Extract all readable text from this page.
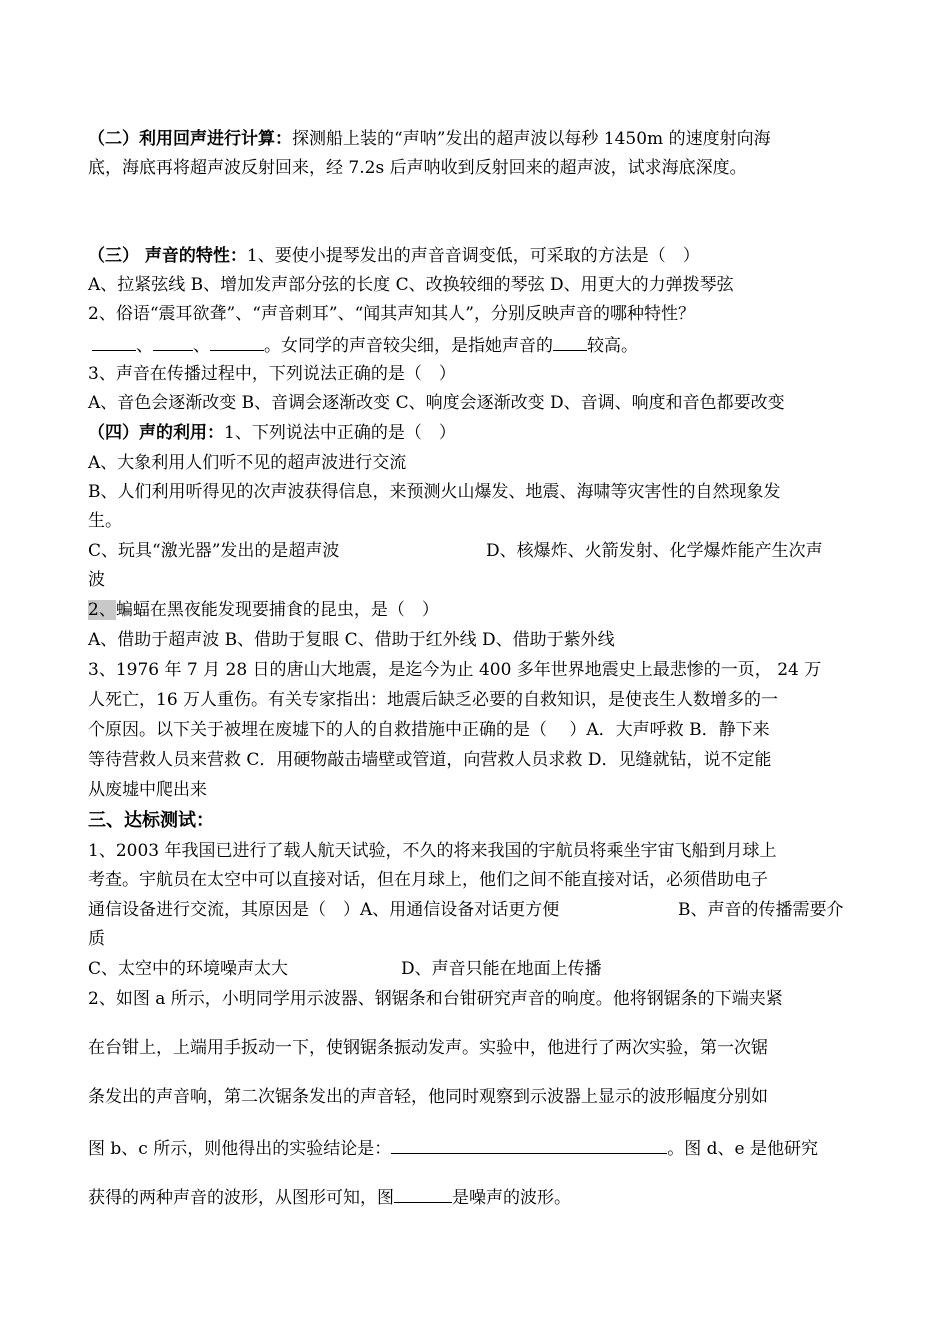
（二）利用回声进行计算：探测船上装的“声呐”发出的超声波以每秒 1450m 的速度射向海
底，海底再将超声波反射回来，经 7.2s 后声呐收到反射回来的超声波，试求海底深度。
（三） 声音的特性：1、要使小提琴发出的声音音调变低，可采取的方法是（　）
A、拉紧弦线 B、增加发声部分弦的长度 C、改换较细的琴弦 D、用更大的力弹拨琴弦
2、俗语“震耳欲聋”、“声音刺耳”、“闻其声知其人”，分别反映声音的哪种特性？
、 、	。女同学的声音较尖细，是指她声音的 较高。
3、声音在传播过程中，下列说法正确的是（　）
A、音色会逐渐改变 B、音调会逐渐改变 C、响度会逐渐改变 D、音调、响度和音色都要改变
（四）声的利用：1、下列说法中正确的是（　）
A、大象利用人们听不见的超声波进行交流
B、人们利用听得见的次声波获得信息，来预测火山爆发、地震、海啸等灾害性的自然现象发
生。
C、玩具“激光器”发出的是超声波	D、核爆炸、火箭发射、化学爆炸能产生次声
波
2、蝙蝠在黑夜能发现要捕食的昆虫，是（　）
A、借助于超声波 B、借助于复眼 C、借助于红外线 D、借助于紫外线
3、1976 年 7 月 28 日的唐山大地震，是迄今为止 400 多年世界地震史上最悲惨的一页， 24 万
人死亡，16 万人重伤。有关专家指出：地震后缺乏必要的自救知识，是使丧生人数增多的一
个原因。以下关于被埋在废墟下的人的自救措施中正确的是（　 ）A．大声呼救 B．静下来
等待营救人员来营救 C．用硬物敲击墙壁或管道，向营救人员求救 D．见缝就钻，说不定能
从废墟中爬出来
三、达标测试：
1、2003 年我国已进行了载人航天试验，不久的将来我国的宇航员将乘坐宇宙飞船到月球上
考查。宇航员在太空中可以直接对话，但在月球上，他们之间不能直接对话，必须借助电子
通信设备进行交流，其原因是（　）A、用通信设备对话更方便	B、声音的传播需要介
质
C、太空中的环境噪声太大	D、声音只能在地面上传播
2、如图 a 所示，小明同学用示波器、钢锯条和台钳研究声音的响度。他将钢锯条的下端夹紧
在台钳上，上端用手扳动一下，使钢锯条振动发声。实验中，他进行了两次实验，第一次锯
条发出的声音响，第二次锯条发出的声音轻，他同时观察到示波器上显示的波形幅度分别如
图 b、c 所示，则他得出的实验结论是：	。图 d、e 是他研究
获得的两种声音的波形，从图形可知，图	是噪声的波形。
